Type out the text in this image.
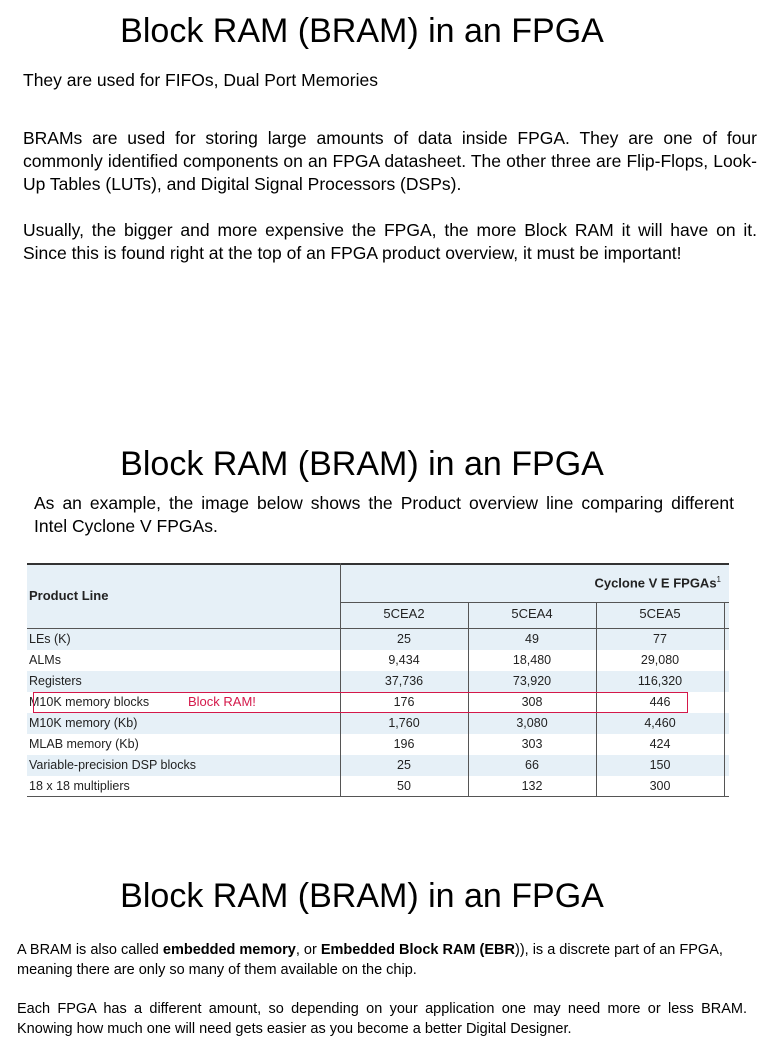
Block RAM (BRAM) in an FPGA

They are used for FIFOs, Dual Port Memories

BRAMs are used for storing large amounts of data inside FPGA. They are one of four commonly identified components on an FPGA datasheet. The other three are Flip-Flops, Look-Up Tables (LUTs), and Digital Signal Processors (DSPs).

Usually, the bigger and more expensive the FPGA, the more Block RAM it will have on it. Since this is found right at the top of an FPGA product overview, it must be important!

Block RAM (BRAM) in an FPGA

As an example, the image below shows the Product overview line comparing different Intel Cyclone V FPGAs.

Product Line
Cyclone V E FPGAs$^1$
5CEA2	5CEA4	5CEA5
LEs (K)	25	49	77
ALMs	9,434	18,480	29,080
Registers	37,736	73,920	116,320
M10K memory blocks	176	308	446
M10K memory (Kb)	1,760	3,080	4,460
MLAB memory (Kb)	196	303	424
Variable-precision DSP blocks	25	66	150
18 x 18 multipliers	50	132	300
Block RAM!
Block RAM (BRAM) in an FPGA

A BRAM is also called embedded memory, or Embedded Block RAM (EBR)), is a discrete part of an FPGA, meaning there are only so many of them available on the chip.

Each FPGA has a different amount, so depending on your application one may need more or less BRAM. Knowing how much one will need gets easier as you become a better Digital Designer.
